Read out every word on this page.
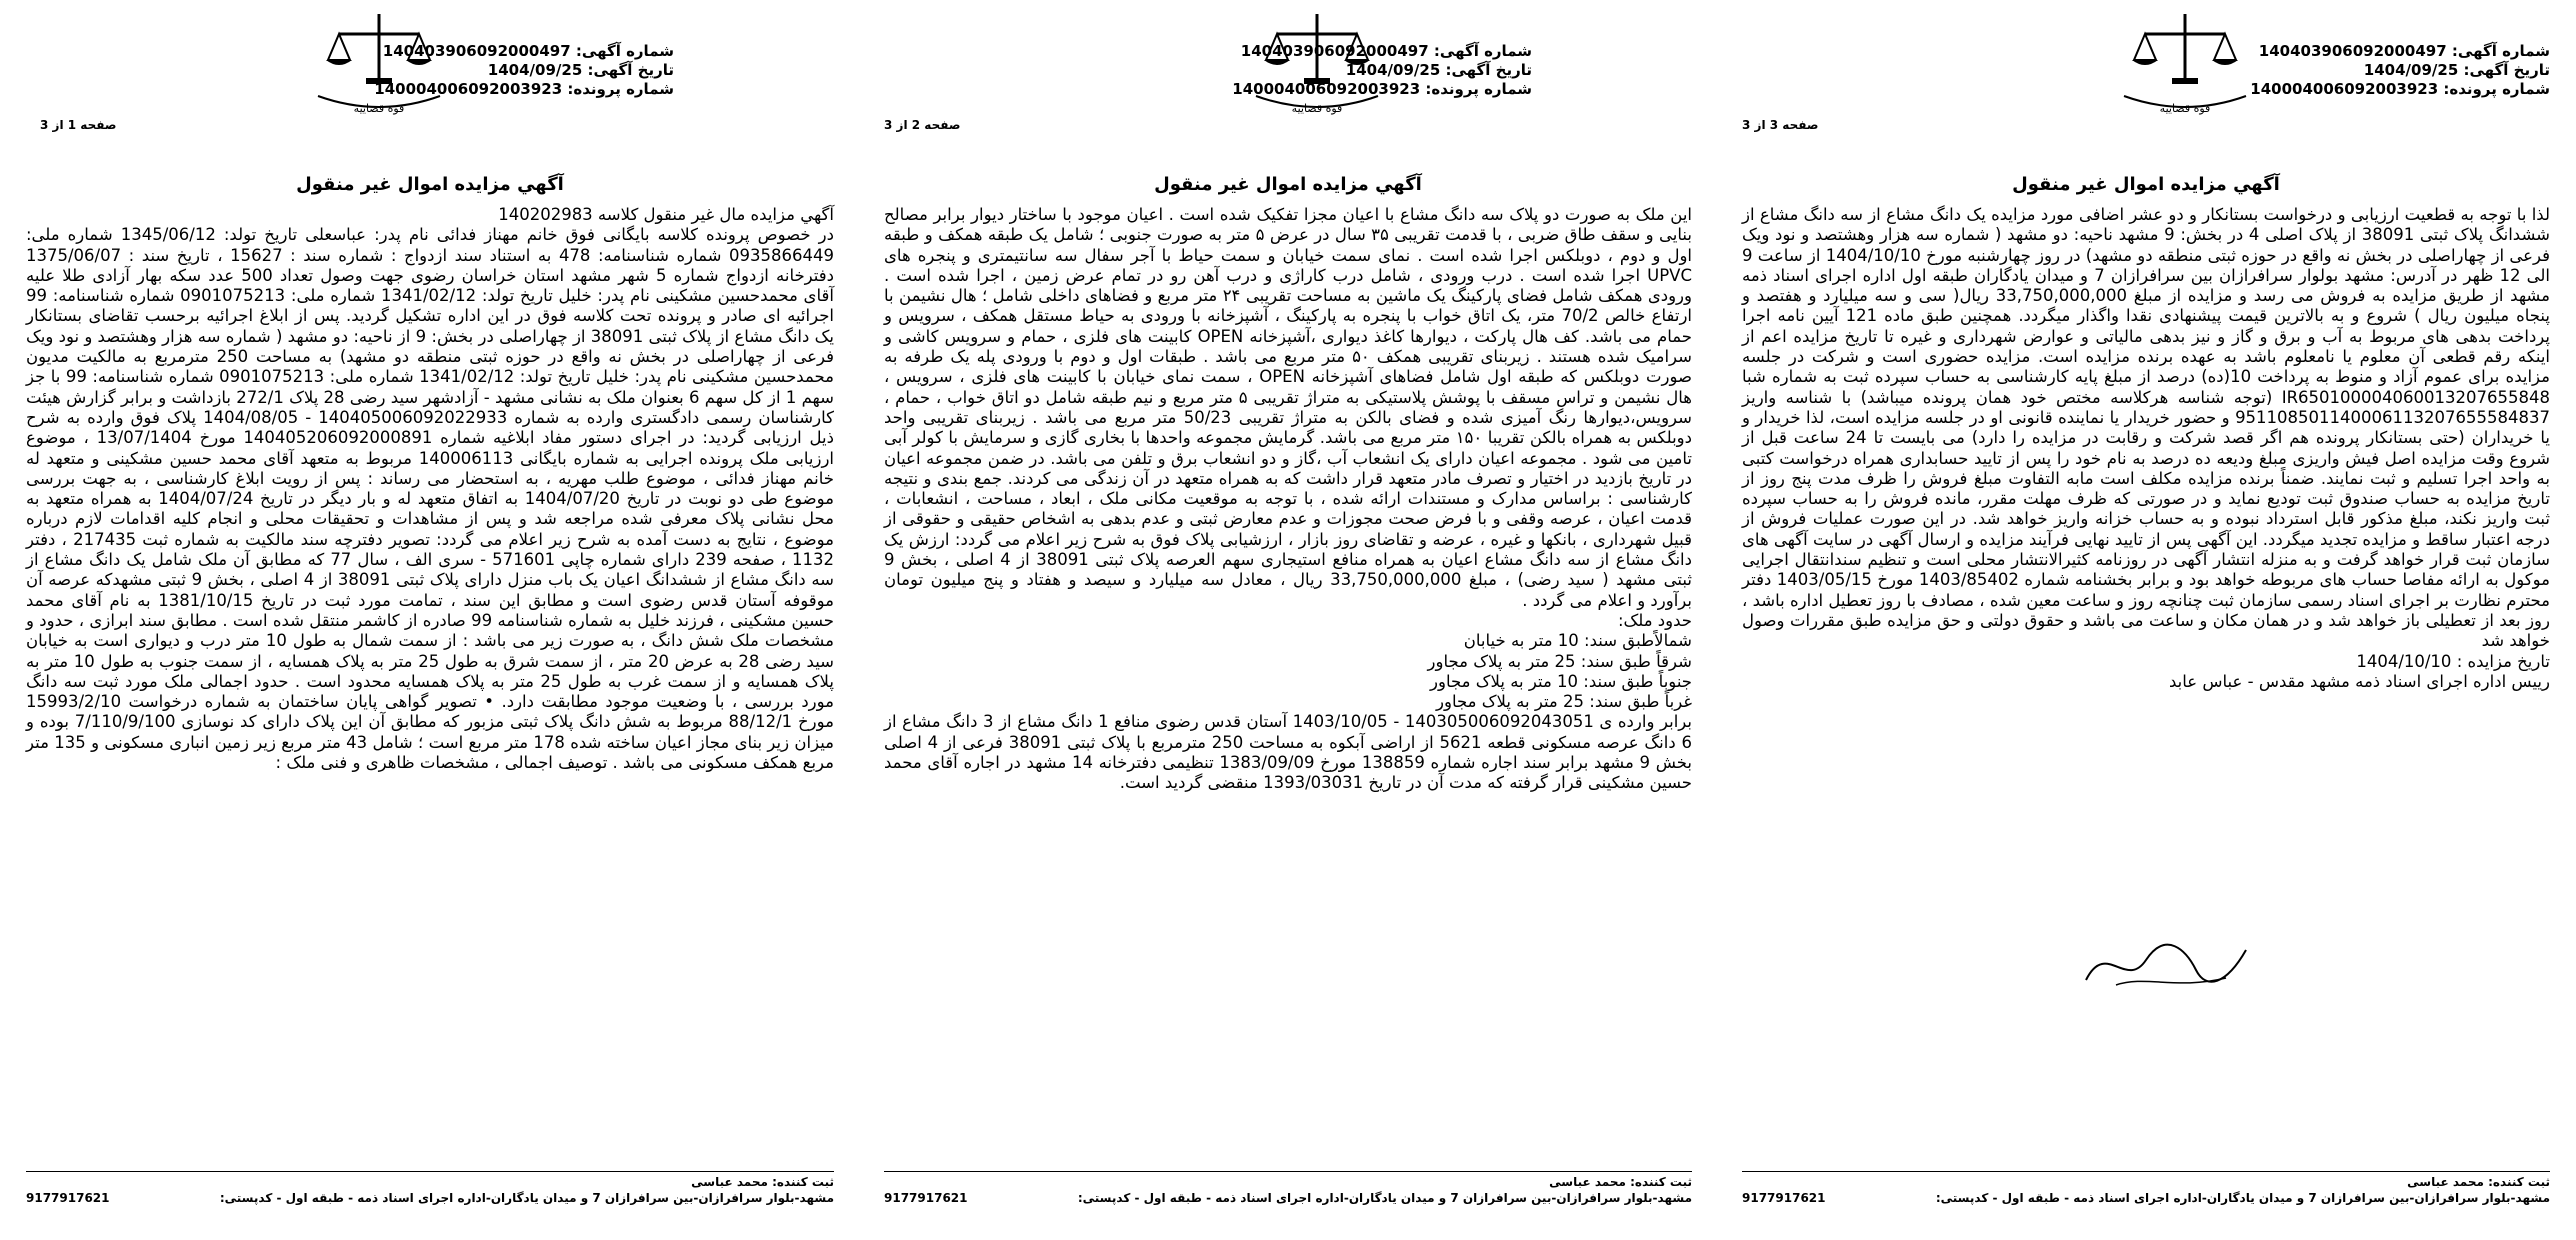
قوه قضاییه
شماره آگهی: 140403906092000497
تاریخ آگهی: 1404/09/25
شماره پرونده: 140004006092003923
صفحه 3 از 3
آگهي مزايده اموال غير منقول

لذا با توجه به قطعيت ارزيابی و درخواست بستانكار و دو عشر اضافی مورد مزايده يک دانگ مشاع از سه دانگ مشاع از ششدانگ پلاک ثبتی 38091 از پلاک اصلی 4 در بخش: 9 مشهد ناحيه: دو مشهد ( شماره سه هزار وهشتصد و نود ويک فرعی از چهاراصلی در بخش نه واقع در حوزه ثبتی منطقه دو مشهد) در روز چهارشنبه مورخ 1404/10/10 از ساعت 9 الی 12 ظهر در آدرس: مشهد بولوار سرافرازان بين سرافرازان 7 و ميدان يادگاران طبقه اول اداره اجرای اسناد ذمه مشهد از طريق مزايده به فروش می رسد و مزايده از مبلغ 33,750,000,000 ريال( سی و سه ميليارد و هفتصد و پنجاه ميليون ريال ) شروع و به بالاترين قيمت پيشنهادی نقدا واگذار ميگردد. همچنين طبق ماده 121 آيين نامه اجرا پرداخت بدهی های مربوط به آب و برق و گاز و نيز بدهی مالياتی و عوارض شهرداری و غيره تا تاريخ مزايده اعم از اينكه رقم قطعی آن معلوم يا نامعلوم باشد به عهده برنده مزايده است. مزايده حضوری است و شرکت در جلسه مزايده برای عموم آزاد و منوط به پرداخت 10(ده) درصد از مبلغ پايه كارشناسی به حساب سپرده ثبت به شماره شبا IR650100004060013207655848 (توجه شناسه هرکلاسه مختص خود همان پرونده ميباشد) با شناسه واريز 951108501140006113207655584837 و حضور خريدار يا نماينده قانونی او در جلسه مزايده است، لذا خريدار و يا خريداران (حتی بستانكار پرونده هم اگر قصد شركت و رقابت در مزايده را دارد) می بايست تا 24 ساعت قبل از شروع وقت مزايده اصل فيش واريزی مبلغ وديعه ده درصد به نام خود را پس از تاييد حسابداری همراه درخواست كتبی به واحد اجرا تسليم و ثبت نمايند. ضمناً برنده مزايده مكلف است مابه التفاوت مبلغ فروش را ظرف مدت پنج روز از تاريخ مزايده به حساب صندوق ثبت توديع نمايد و در صورتی كه ظرف مهلت مقرر، مانده فروش را به حساب سپرده ثبت واريز نكند، مبلغ مذكور قابل استرداد نبوده و به حساب خزانه واريز خواهد شد. در اين صورت عمليات فروش از درجه اعتبار ساقط و مزايده تجديد ميگردد. اين آگهی پس از تاييد نهايی فرآيند مزايده و ارسال آگهی در سايت آگهی های سازمان ثبت قرار خواهد گرفت و به منزله انتشار آگهی در روزنامه كثيرالانتشار محلی است و تنظيم سندانتقال اجرايی موكول به ارائه مفاصا حساب های مربوطه خواهد بود و برابر بخشنامه شماره 1403/85402 مورخ 1403/05/15 دفتر محترم نظارت بر اجرای اسناد رسمی سازمان ثبت چنانچه روز و ساعت معين شده ، مصادف با روز تعطيل اداره باشد ، روز بعد از تعطيلی باز خواهد شد و در همان مكان و ساعت می باشد و حقوق دولتی و حق مزايده طبق مقررات وصول خواهد شد

تاريخ مزايده : 1404/10/10

رييس اداره اجرای اسناد ذمه مشهد مقدس - عباس عابد

ثبت كننده: محمد عباسی
مشهد-بلوار سرافرازان-بين سرافرازان 7 و ميدان يادگاران-اداره اجرای اسناد ذمه - طبقه اول - كدپستی:
9177917621
قوه قضاییه
شماره آگهی: 140403906092000497
تاریخ آگهی: 1404/09/25
شماره پرونده: 140004006092003923
صفحه 2 از 3
آگهي مزايده اموال غير منقول

اين ملک به صورت دو پلاک سه دانگ مشاع با اعيان مجزا تفكيک شده است . اعيان موجود با ساختار ديوار برابر مصالح بنايی و سقف طاق ضربی ، با قدمت تقريبی ۳۵ سال در عرض ۵ متر به صورت جنوبی ؛ شامل يک طبقه همكف و طبقه اول و دوم ، دوبلكس اجرا شده است . نمای سمت خيابان و سمت حياط با آجر سفال سه سانتيمتری و پنجره های UPVC اجرا شده است . درب ورودی ، شامل درب كاراژی و درب آهن رو در تمام عرض زمين ، اجرا شده است . ورودی همكف شامل فضای پاركينگ يک ماشين به مساحت تقريبی ۲۴ متر مربع و فضاهای داخلی شامل ؛ هال نشيمن با ارتفاع خالص 70/2 متر، يک اتاق خواب با پنجره به پاركينگ ، آشپزخانه با ورودی به حياط مستقل همكف ، سرويس و حمام می باشد. كف هال پاركت ، ديوارها كاغذ ديواری ،آشپزخانه OPEN كابينت های فلزی ، حمام و سرويس كاشی و سراميک شده هستند . زيربنای تقريبی همكف ۵۰ متر مربع می باشد . طبقات اول و دوم با ورودی پله يک طرفه به صورت دوبلكس كه طبقه اول شامل فضاهای آشپزخانه OPEN ، سمت نمای خيابان با كابينت های فلزی ، سرويس ، هال نشيمن و تراس مسقف با پوشش پلاستيكی به متراژ تقريبی ۵ متر مربع و نيم طبقه شامل دو اتاق خواب ، حمام ، سرويس،ديوارها رنگ آميزی شده و فضای بالكن به متراژ تقريبی 50/23 متر مربع می باشد . زيربنای تقريبی واحد دوبلكس به همراه بالكن تقريبا ۱۵۰ متر مربع می باشد. گرمايش مجموعه واحدها با بخاری گازی و سرمايش با كولر آبی تامين می شود . مجموعه اعيان دارای يک انشعاب آب ،گاز و دو انشعاب برق و تلفن می باشد. در ضمن مجموعه اعيان در تاريخ بازديد در اختيار و تصرف مادر متعهد قرار داشت كه به همراه متعهد در آن زندگی می كردند. جمع بندی و نتيجه كارشناسی : براساس مدارک و مستندات ارائه شده ، با توجه به موقعيت مكانی ملک ، ابعاد ، مساحت ، انشعابات ، قدمت اعيان ، عرصه وقفی و با فرض صحت مجوزات و عدم معارض ثبتی و عدم بدهی به اشخاص حقيقی و حقوقی از قبيل شهرداری ، بانكها و غيره ، عرضه و تقاضای روز بازار ، ارزشيابی پلاک فوق به شرح زير اعلام می گردد: ارزش يک دانگ مشاع از سه دانگ مشاع اعيان به همراه منافع استيجاری سهم العرصه پلاک ثبتی 38091 از 4 اصلی ، بخش 9 ثبتی مشهد ( سيد رضی) ، مبلغ 33,750,000,000 ريال ، معادل سه ميليارد و سيصد و هفتاد و پنج ميليون تومان برآورد و اعلام می گردد .

حدود ملک:

شمالاًطبق سند: 10 متر به خيابان

شرقاً طبق سند: 25 متر به پلاک مجاور

جنوباً طبق سند: 10 متر به پلاک مجاور

غرباً طبق سند: 25 متر به پلاک مجاور

برابر وارده ی 140305006092043051 - 1403/10/05 آستان قدس رضوی منافع 1 دانگ مشاع از 3 دانگ مشاع از 6 دانگ عرصه مسكونی قطعه 5621 از اراضی آبكوه به مساحت 250 مترمربع با پلاک ثبتی 38091 فرعی از 4 اصلی بخش 9 مشهد برابر سند اجاره شماره 138859 مورخ 1383/09/09 تنظيمی دفترخانه 14 مشهد در اجاره آقای محمد حسين مشكينی قرار گرفته كه مدت آن در تاريخ 1393/03031 منقضی گرديد است.

ثبت كننده: محمد عباسی
مشهد-بلوار سرافرازان-بين سرافرازان 7 و ميدان يادگاران-اداره اجرای اسناد ذمه - طبقه اول - كدپستی:
9177917621
قوه قضاییه
شماره آگهی: 140403906092000497
تاریخ آگهی: 1404/09/25
شماره پرونده: 140004006092003923
صفحه 1 از 3
آگهي مزايده اموال غير منقول

آگهي مزايده مال غير منقول كلاسه 140202983

در خصوص پرونده كلاسه بايگانی فوق خانم مهناز فدائی نام پدر: عباسعلی تاريخ تولد: 1345/06/12 شماره ملی: 0935866449 شماره شناسنامه: 478 به استناد سند ازدواج : شماره سند : 15627 ، تاريخ سند : 1375/06/07 دفترخانه ازدواج شماره 5 شهر مشهد استان خراسان رضوی جهت وصول تعداد 500 عدد سكه بهار آزادی طلا عليه آقای محمدحسين مشكينی نام پدر: خليل تاريخ تولد: 1341/02/12 شماره ملی: 0901075213 شماره شناسنامه: 99 اجرائيه ای صادر و پرونده تحت كلاسه فوق در اين اداره تشكيل گرديد. پس از ابلاغ اجرائيه برحسب تقاضای بستانكار يک دانگ مشاع از پلاک ثبتی 38091 از چهاراصلی در بخش: 9 از ناحيه: دو مشهد ( شماره سه هزار وهشتصد و نود ويک فرعی از چهاراصلی در بخش نه واقع در حوزه ثبتی منطقه دو مشهد) به مساحت 250 مترمربع به مالكيت مديون محمدحسين مشكينی نام پدر: خليل تاريخ تولد: 1341/02/12 شماره ملی: 0901075213 شماره شناسنامه: 99 با جز سهم 1 از كل سهم 6 بعنوان ملک به نشانی مشهد - آزادشهر سيد رضی 28 پلاک 272/1 بازداشت و برابر گزارش هيئت كارشناسان رسمی دادگستری وارده به شماره 140405006092022933 - 1404/08/05 پلاک فوق وارده به شرح ذيل ارزيابی گرديد: در اجرای دستور مفاد ابلاغيه شماره 140405206092000891 مورخ 13/07/1404 ، موضوع ارزيابی ملک پرونده اجرايی به شماره بايگانی 140006113 مربوط به متعهد آقای محمد حسين مشكينی و متعهد له خانم مهناز فدائی ، موضوع طلب مهريه ، به استحضار می رساند : پس از رويت ابلاغ كارشناسی ، به جهت بررسی موضوع طی دو نوبت در تاريخ 1404/07/20 به اتفاق متعهد له و بار ديگر در تاريخ 1404/07/24 به همراه متعهد به محل نشانی پلاک معرفی شده مراجعه شد و پس از مشاهدات و تحقيقات محلی و انجام كليه اقدامات لازم درباره موضوع ، نتايج به دست آمده به شرح زير اعلام می گردد: تصوير دفترچه سند مالكيت به شماره ثبت 217435 ، دفتر 1132 ، صفحه 239 دارای شماره چاپی 571601 - سری الف ، سال 77 كه مطابق آن ملک شامل يک دانگ مشاع از سه دانگ مشاع از ششدانگ اعيان يک باب منزل دارای پلاک ثبتی 38091 از 4 اصلی ، بخش 9 ثبتی مشهدكه عرصه آن موقوفه آستان قدس رضوی است و مطابق اين سند ، تمامت مورد ثبت در تاريخ 1381/10/15 به نام آقای محمد حسين مشكينی ، فرزند خليل به شماره شناسنامه 99 صادره از كاشمر منتقل شده است . مطابق سند ابرازی ، حدود و مشخصات ملک شش دانگ ، به صورت زير می باشد : از سمت شمال به طول 10 متر درب و ديواری است به خيابان سيد رضی 28 به عرض 20 متر ، از سمت شرق به طول 25 متر به پلاک همسايه ، از سمت جنوب به طول 10 متر به پلاک همسايه و از سمت غرب به طول 25 متر به پلاک همسايه محدود است . حدود اجمالی ملک مورد ثبت سه دانگ مورد بررسی ، با وضعيت موجود مطابقت دارد. • تصوير گواهی پايان ساختمان به شماره درخواست 15993/2/10 مورخ 88/12/1 مربوط به شش دانگ پلاک ثبتی مزبور كه مطابق آن اين پلاک دارای كد نوسازی 7/110/9/100 بوده و ميزان زير بنای مجاز اعيان ساخته شده 178 متر مربع است ؛ شامل 43 متر مربع زير زمين انباری مسكونی و 135 متر مربع همكف مسكونی می باشد . توصيف اجمالی ، مشخصات ظاهری و فنی ملک :

ثبت كننده: محمد عباسی
مشهد-بلوار سرافرازان-بين سرافرازان 7 و ميدان يادگاران-اداره اجرای اسناد ذمه - طبقه اول - كدپستی:
9177917621
